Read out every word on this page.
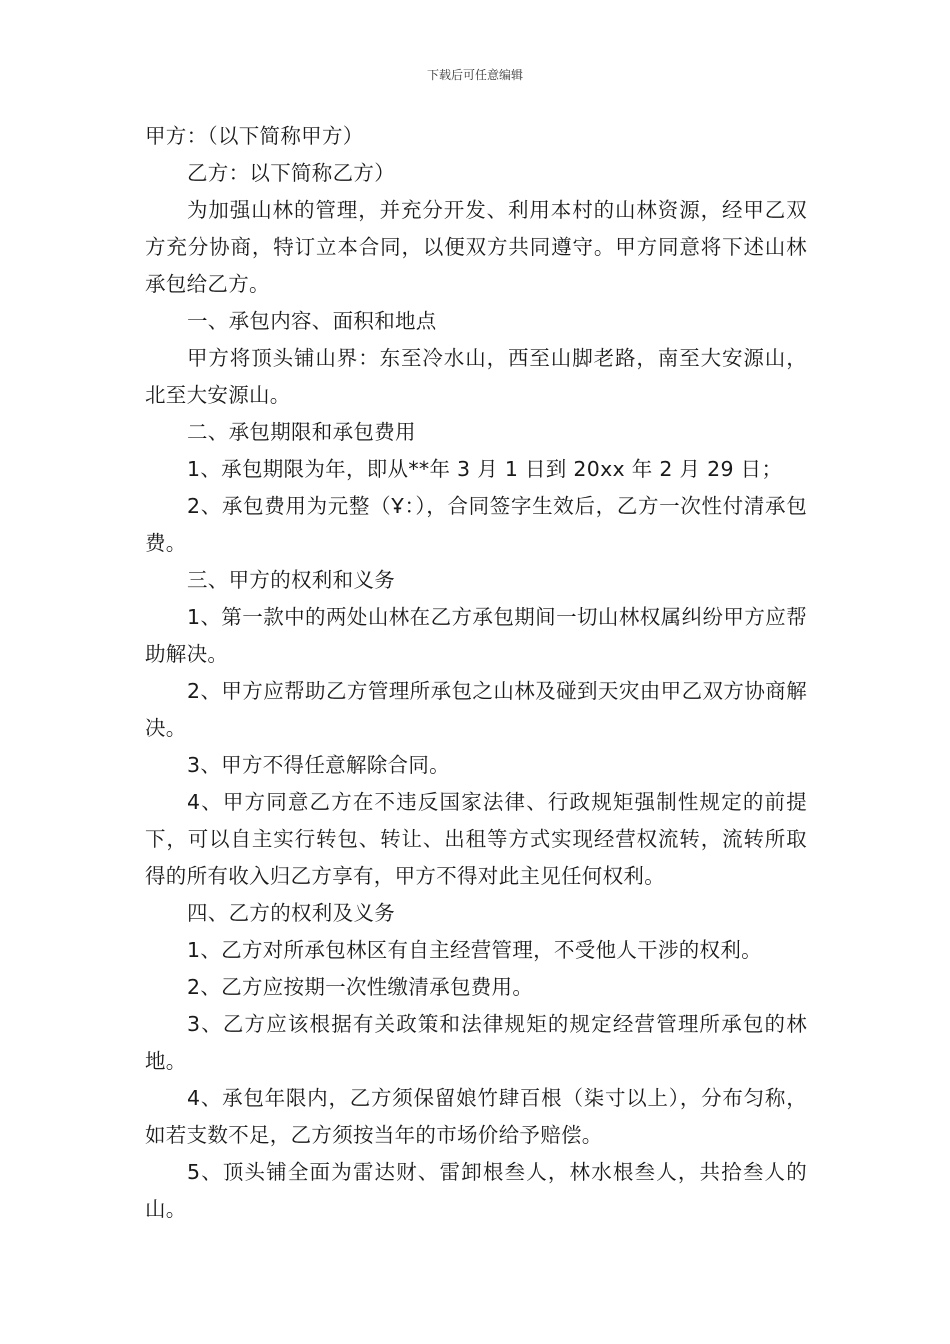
下载后可任意编辑

甲方：（以下简称甲方）

乙方：以下简称乙方）

为加强山林的管理，并充分开发、利用本村的山林资源，经甲乙双方充分协商，特订立本合同，以便双方共同遵守。甲方同意将下述山林承包给乙方。

一、承包内容、面积和地点

甲方将顶头铺山界：东至冷水山，西至山脚老路，南至大安源山，北至大安源山。

二、承包期限和承包费用

1、承包期限为年，即从**年 3 月 1 日到 20xx 年 2 月 29 日；

2、承包费用为元整（Ұ：），合同签字生效后，乙方一次性付清承包费。

三、甲方的权利和义务

1、第一款中的两处山林在乙方承包期间一切山林权属纠纷甲方应帮助解决。

2、甲方应帮助乙方管理所承包之山林及碰到天灾由甲乙双方协商解决。

3、甲方不得任意解除合同。

4、甲方同意乙方在不违反国家法律、行政规矩强制性规定的前提下，可以自主实行转包、转让、出租等方式实现经营权流转，流转所取得的所有收入归乙方享有，甲方不得对此主见任何权利。

四、乙方的权利及义务

1、乙方对所承包林区有自主经营管理，不受他人干涉的权利。

2、乙方应按期一次性缴清承包费用。

3、乙方应该根据有关政策和法律规矩的规定经营管理所承包的林地。

4、承包年限内，乙方须保留娘竹肆百根（柒寸以上），分布匀称，如若支数不足，乙方须按当年的市场价给予赔偿。

5、顶头铺全面为雷达财、雷卸根叁人，林水根叁人，共拾叁人的山。
